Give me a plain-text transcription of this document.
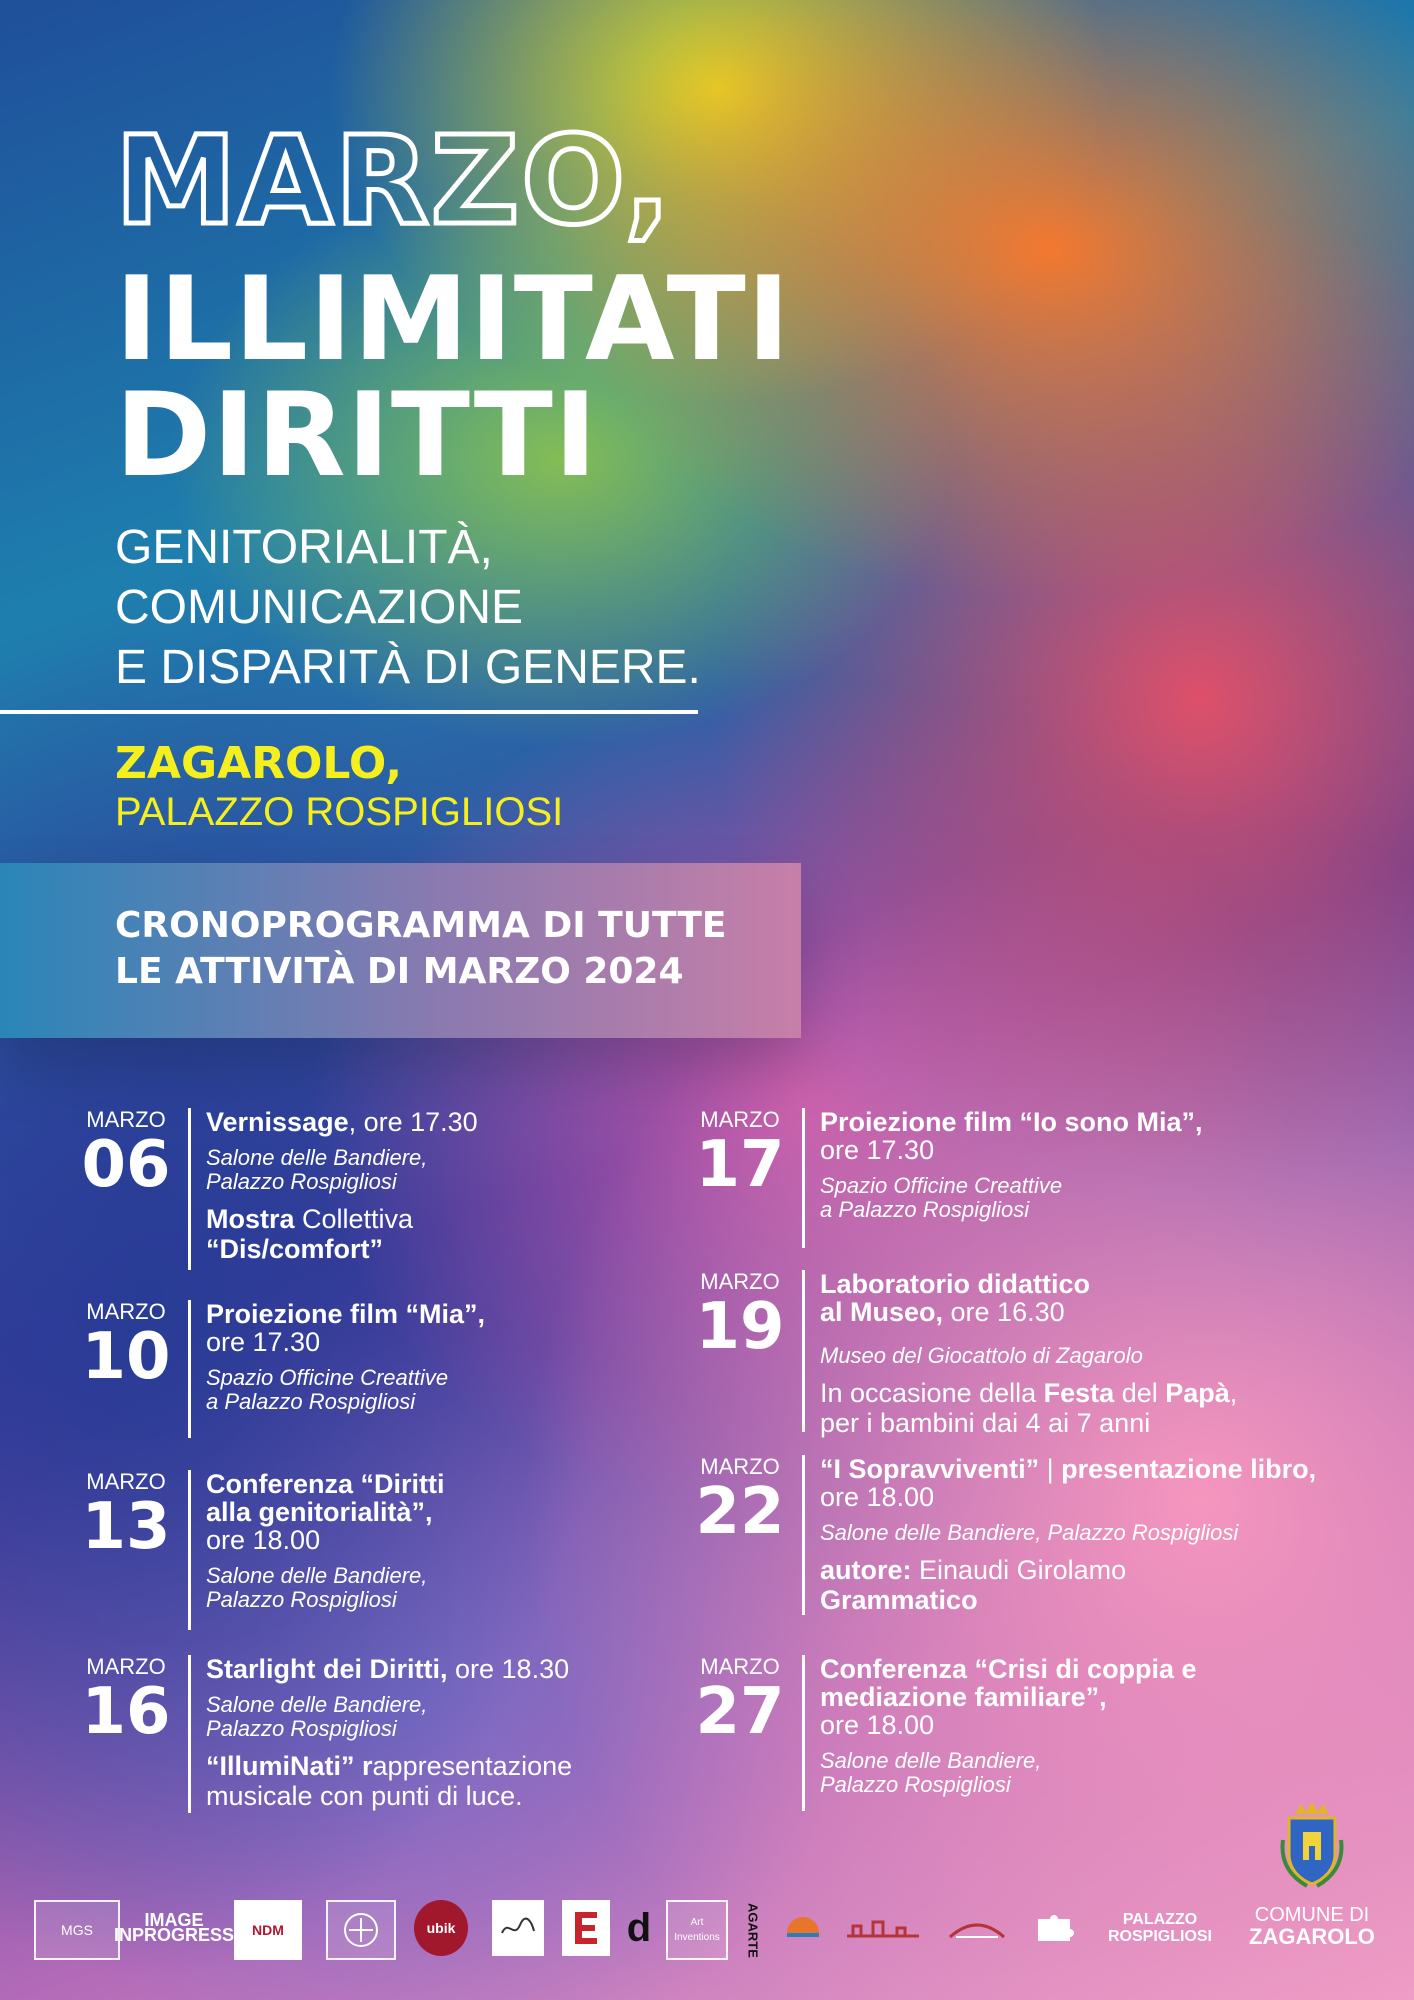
MARZO,
ILLIMITATI
DIRITTI
GENITORIALITÀ,
COMUNICAZIONE
E DISPARITÀ DI GENERE.
ZAGAROLO,
PALAZZO ROSPIGLIOSI
CRONOPROGRAMMA DI TUTTE
LE ATTIVITÀ DI MARZO 2024
MARZO
06
Vernissage, ore 17.30
Salone delle Bandiere,
Palazzo Rospigliosi
Mostra Collettiva
“Dis/comfort”
MARZO
10
Proiezione film “Mia”,
ore 17.30
Spazio Officine Creattive
a Palazzo Rospigliosi
MARZO
13
Conferenza “Diritti alla genitorialità”,
ore 18.00
Salone delle Bandiere,
Palazzo Rospigliosi
MARZO
16
Starlight dei Diritti, ore 18.30
Salone delle Bandiere,
Palazzo Rospigliosi
“IllumiNati” rappresentazione musicale con punti di luce.
MARZO
17
Proiezione film “Io sono Mia”,
ore 17.30
Spazio Officine Creattive
a Palazzo Rospigliosi
MARZO
19
Laboratorio didattico al Museo, ore 16.30
Museo del Giocattolo di Zagarolo
In occasione della Festa del Papà,
per i bambini dai 4 ai 7 anni
MARZO
22
“I Sopravviventi” | presentazione libro, ore 18.00
Salone delle Bandiere, Palazzo Rospigliosi
autore: Einaudi Girolamo
Grammatico
MARZO
27
Conferenza “Crisi di coppia e mediazione familiare”,
ore 18.00
Salone delle Bandiere,
Palazzo Rospigliosi
MGS	IMAGE INPROGRESS	NDM	ubik	d	Art Inventions	AGARTE	PALAZZO ROSPIGLIOSI
COMUNE DI
ZAGAROLO
